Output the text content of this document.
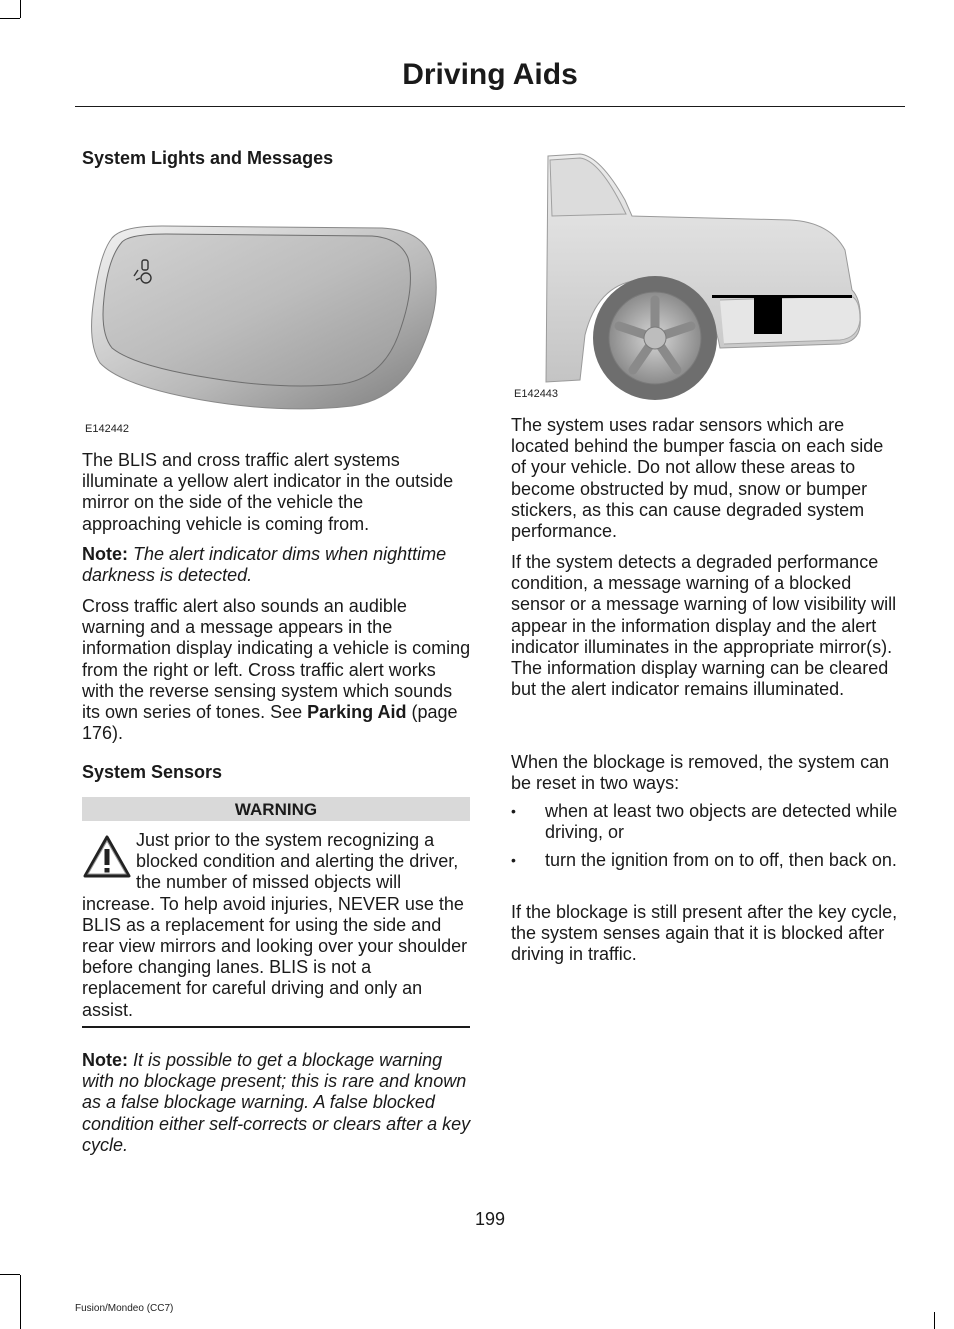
Driving Aids
System Lights and Messages
E142442

The BLIS and cross traffic alert systems illuminate a yellow alert indicator in the outside mirror on the side of the vehicle the approaching vehicle is coming from.

Note: The alert indicator dims when nighttime darkness is detected.

Cross traffic alert also sounds an audible warning and a message appears in the information display indicating a vehicle is coming from the right or left. Cross traffic alert works with the reverse sensing system which sounds its own series of tones. See Parking Aid (page 176).

System Sensors
WARNING
Just prior to the system recognizing a blocked condition and alerting the driver, the number of missed objects will increase. To help avoid injuries, NEVER use the BLIS as a replacement for using the side and rear view mirrors and looking over your shoulder before changing lanes. BLIS is not a replacement for careful driving and only an assist.

Note: It is possible to get a blockage warning with no blockage present; this is rare and known as a false blockage warning. A false blocked condition either self-corrects or clears after a key cycle.

E142443

The system uses radar sensors which are located behind the bumper fascia on each side of your vehicle. Do not allow these areas to become obstructed by mud, snow or bumper stickers, as this can cause degraded system performance.

If the system detects a degraded performance condition, a message warning of a blocked sensor or a message warning of low visibility will appear in the information display and the alert indicator illuminates in the appropriate mirror(s). The information display warning can be cleared but the alert indicator remains illuminated.

When the blockage is removed, the system can be reset in two ways:

• when at least two objects are detected while driving, or
• turn the ignition from on to off, then back on.

If the blockage is still present after the key cycle, the system senses again that it is blocked after driving in traffic.

199
Fusion/Mondeo (CC7)
